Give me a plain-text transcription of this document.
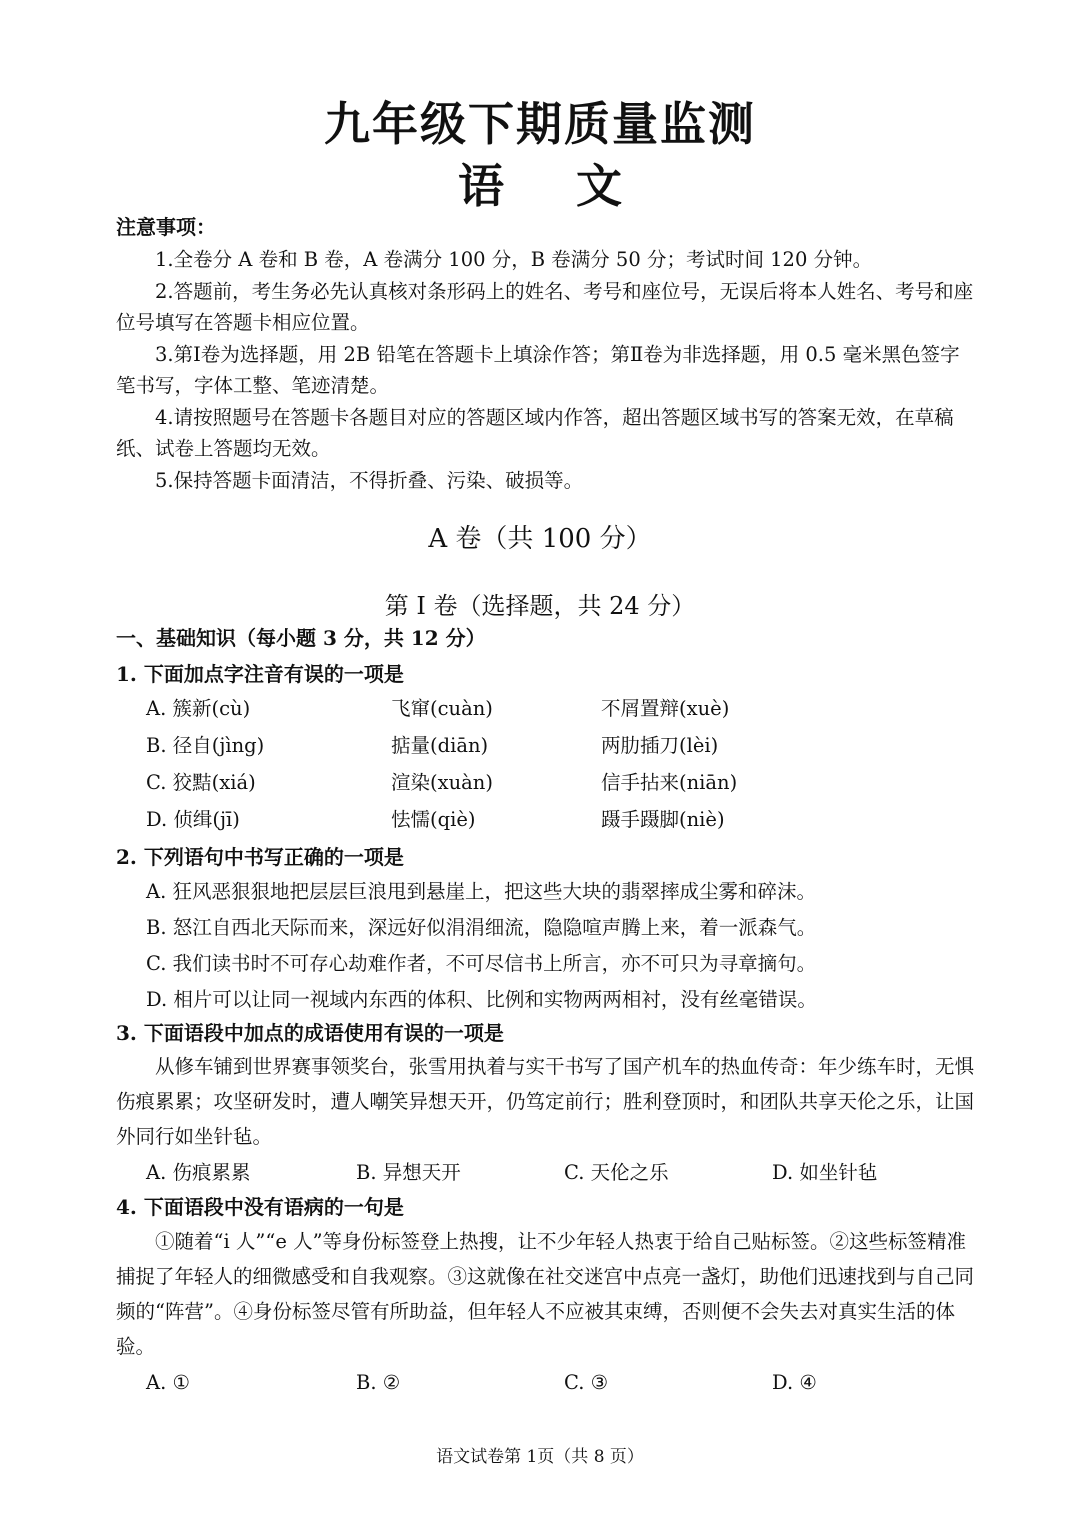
九年级下期质量监测
语 文
注意事项：

1.全卷分 A 卷和 B 卷，A 卷满分 100 分，B 卷满分 50 分；考试时间 120 分钟。

2.答题前，考生务必先认真核对条形码上的姓名、考号和座位号，无误后将本人姓名、考号和座位号填写在答题卡相应位置。

3.第Ⅰ卷为选择题，用 2B 铅笔在答题卡上填涂作答；第Ⅱ卷为非选择题，用 0.5 毫米黑色签字笔书写，字体工整、笔迹清楚。

4.请按照题号在答题卡各题目对应的答题区域内作答，超出答题区域书写的答案无效，在草稿纸、试卷上答题均无效。

5.保持答题卡面清洁，不得折叠、污染、破损等。

A 卷（共 100 分）
第 Ⅰ 卷（选择题，共 24 分）

一、基础知识（每小题 3 分，共 12 分）

1. 下面加点字注音有误的一项是

A. 簇新(cù)	飞窜(cuàn)	不屑置辩(xuè)
B. 径自(jìng)	掂量(diān)	两肋插刀(lèi)
C. 狡黠(xiá)	渲染(xuàn)	信手拈来(niān)
D. 侦缉(jī)	怯懦(qiè)	蹑手蹑脚(niè)

2. 下列语句中书写正确的一项是

A. 狂风恶狠狠地把层层巨浪甩到悬崖上，把这些大块的翡翠摔成尘雾和碎沫。
B. 怒江自西北天际而来，深远好似涓涓细流，隐隐喧声腾上来，着一派森气。
C. 我们读书时不可存心劫难作者，不可尽信书上所言，亦不可只为寻章摘句。
D. 相片可以让同一视域内东西的体积、比例和实物两两相衬，没有丝毫错误。

3. 下面语段中加点的成语使用有误的一项是

从修车铺到世界赛事领奖台，张雪用执着与实干书写了国产机车的热血传奇：年少练车时，无惧伤痕累累；攻坚研发时，遭人嘲笑异想天开，仍笃定前行；胜利登顶时，和团队共享天伦之乐，让国外同行如坐针毡。

A. 伤痕累累	B. 异想天开	C. 天伦之乐	D. 如坐针毡

4. 下面语段中没有语病的一句是

①随着“i 人”“e 人”等身份标签登上热搜，让不少年轻人热衷于给自己贴标签。②这些标签精准捕捉了年轻人的细微感受和自我观察。③这就像在社交迷宫中点亮一盏灯，助他们迅速找到与自己同频的“阵营”。④身份标签尽管有所助益，但年轻人不应被其束缚，否则便不会失去对真实生活的体验。

A. ①	B. ②	C. ③	D. ④
语文试卷第 1页（共 8 页）
